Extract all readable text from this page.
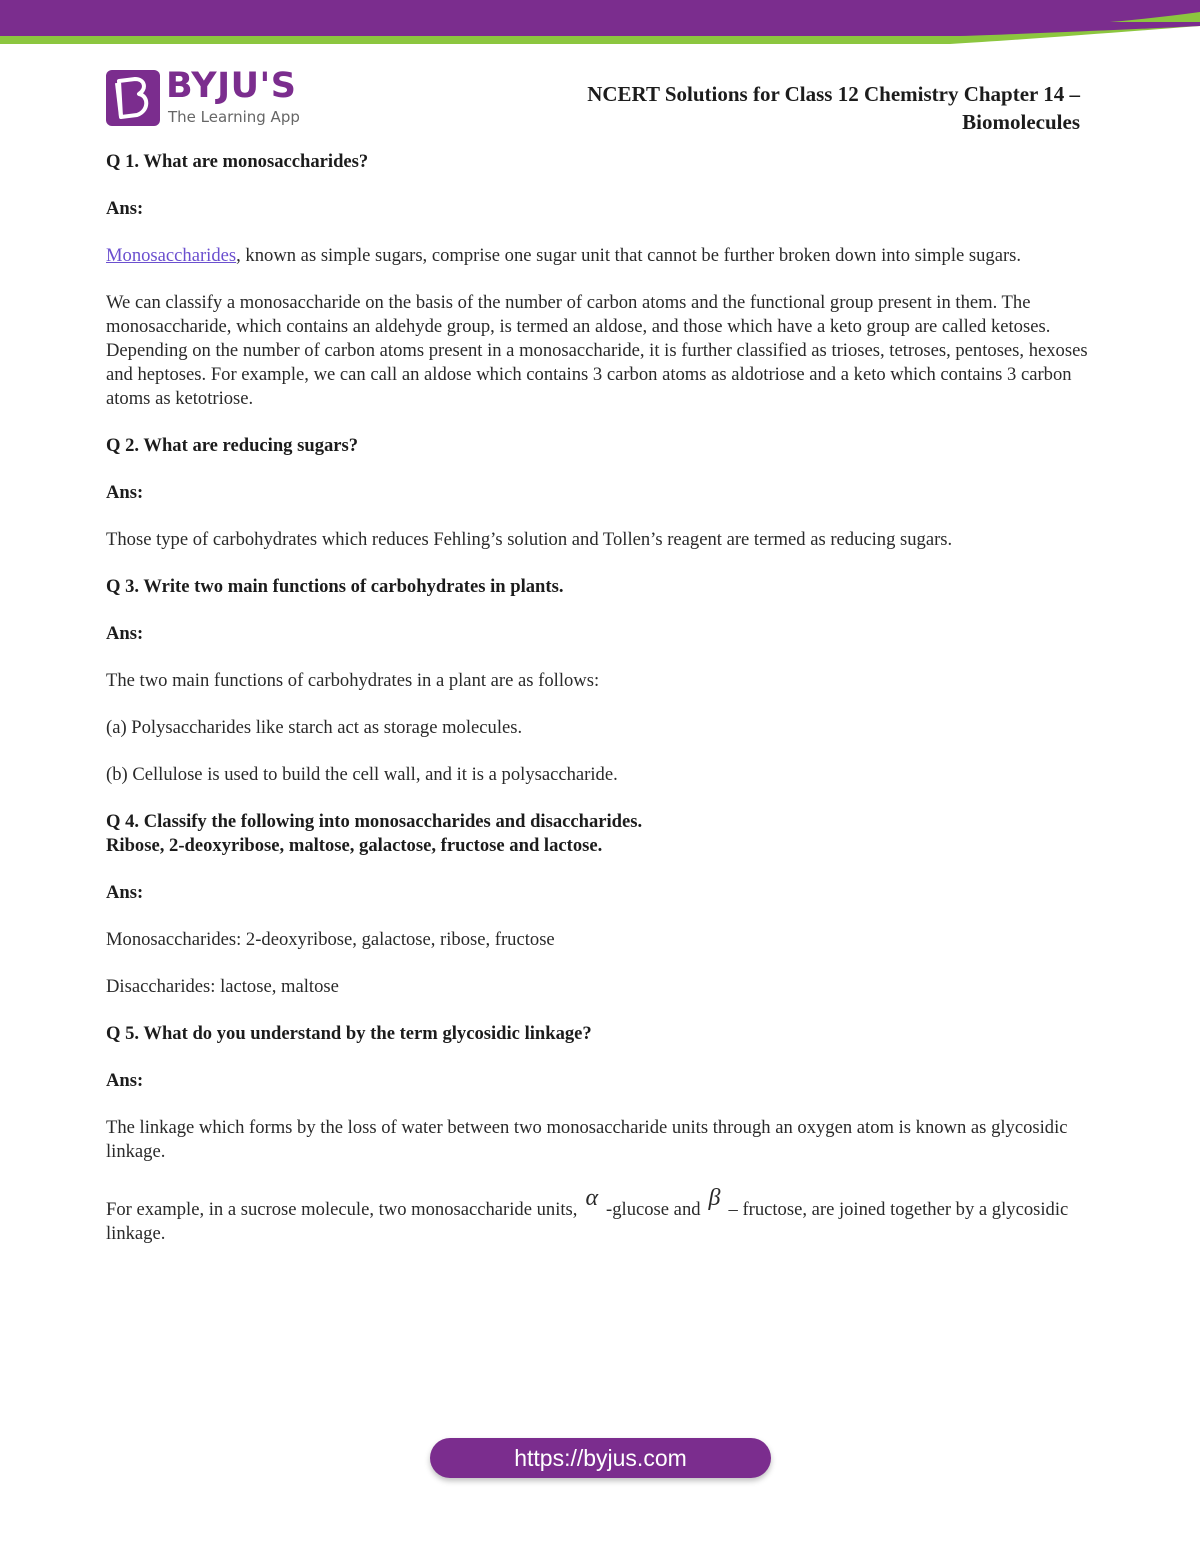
BYJU'S
The Learning App
NCERT Solutions for Class 12 Chemistry Chapter 14 –
Biomolecules

Q 1. What are monosaccharides?

Ans:

Monosaccharides, known as simple sugars, comprise one sugar unit that cannot be further broken down into simple sugars.

We can classify a monosaccharide on the basis of the number of carbon atoms and the functional group present in them. The monosaccharide, which contains an aldehyde group, is termed an aldose, and those which have a keto group are called ketoses. Depending on the number of carbon atoms present in a monosaccharide, it is further classified as trioses, tetroses, pentoses, hexoses and heptoses. For example, we can call an aldose which contains 3 carbon atoms as aldotriose and a keto which contains 3 carbon atoms as ketotriose.

Q 2. What are reducing sugars?

Ans:

Those type of carbohydrates which reduces Fehling’s solution and Tollen’s reagent are termed as reducing sugars.

Q 3. Write two main functions of carbohydrates in plants.

Ans:

The two main functions of carbohydrates in a plant are as follows:

(a) Polysaccharides like starch act as storage molecules.

(b) Cellulose is used to build the cell wall, and it is a polysaccharide.

Q 4. Classify the following into monosaccharides and disaccharides.
Ribose, 2-deoxyribose, maltose, galactose, fructose and lactose.

Ans:

Monosaccharides: 2-deoxyribose, galactose, ribose, fructose

Disaccharides: lactose, maltose

Q 5. What do you understand by the term glycosidic linkage?

Ans:

The linkage which forms by the loss of water between two monosaccharide units through an oxygen atom is known as glycosidic linkage.

For example, in a sucrose molecule, two monosaccharide units, α -glucose and β – fructose, are joined together by a glycosidic linkage.

https://byjus.com
